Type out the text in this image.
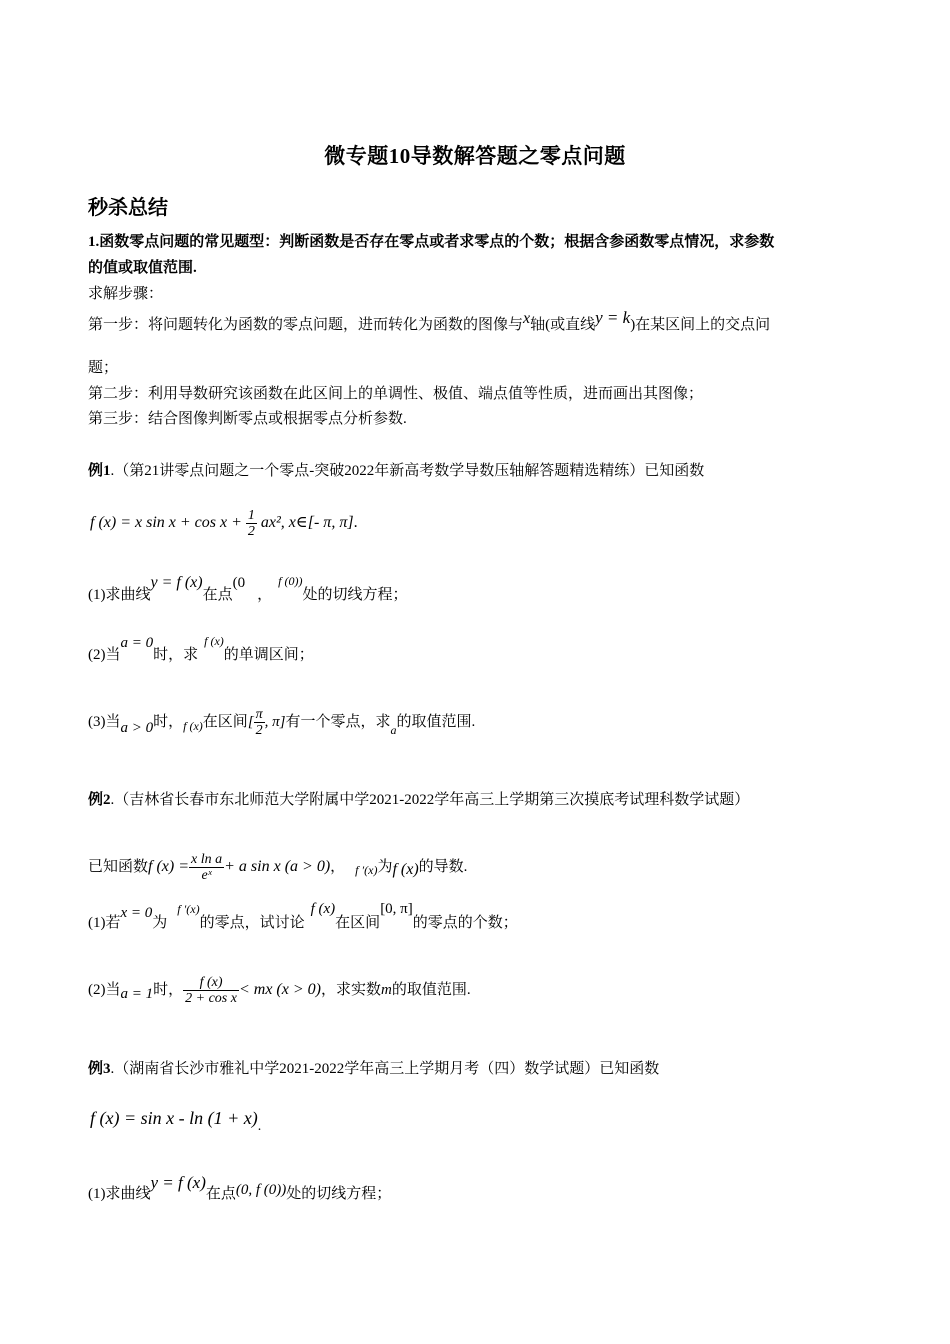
微专题10导数解答题之零点问题
秒杀总结
1.函数零点问题的常见题型：判断函数是否存在零点或者求零点的个数；根据含参函数零点情况，求参数
的值或取值范围.
求解步骤：
第一步：将问题转化为函数的零点问题，进而转化为函数的图像与x轴(或直线y = k)在某区间上的交点问
题；
第二步：利用导数研究该函数在此区间上的单调性、极值、端点值等性质，进而画出其图像；
第三步：结合图像判断零点或根据零点分析参数.
例1.（第21讲零点问题之一个零点-突破2022年新高考数学导数压轴解答题精选精练）已知函数
f (x) = x $\sin x + \cos x + \frac{1}{2} ax^2$, x∈[- π, π].
(1)求曲线y = f (x)在点(0，$^{f (0))}$处的切线方程；
(2)当a = 0时，求$^{f (x)}$的单调区间；
(3)当a > 0时，$_{f (x)}$在区间[ $\frac{\pi}{2}$ , π]有一个零点，求$_a$的取值范围.
例2.（吉林省长春市东北师范大学附属中学2021-2022学年高三上学期第三次摸底考试理科数学试题）
已知函数f $(x) = \frac{\text{x ln a}}{\text{eˣ}} + a$ sin x (a > 0)， $_{f '(x)}$为f (x)的导数.
(1)若x = 0为$^{f '(x)}$的零点，试讨论f (x)在区间[0, π]的零点的个数；
(2)当a = 1时， $\frac{f (x)}{\text{2 + cos x}}$ < mx (x > 0)，求实数m的取值范围.
例3.（湖南省长沙市雅礼中学2021-2022学年高三上学期月考（四）数学试题）已知函数
f $(x) = \sin x - \ln (1 + x)_.$
(1)求曲线y = f (x)在点(0, f (0))处的切线方程；
